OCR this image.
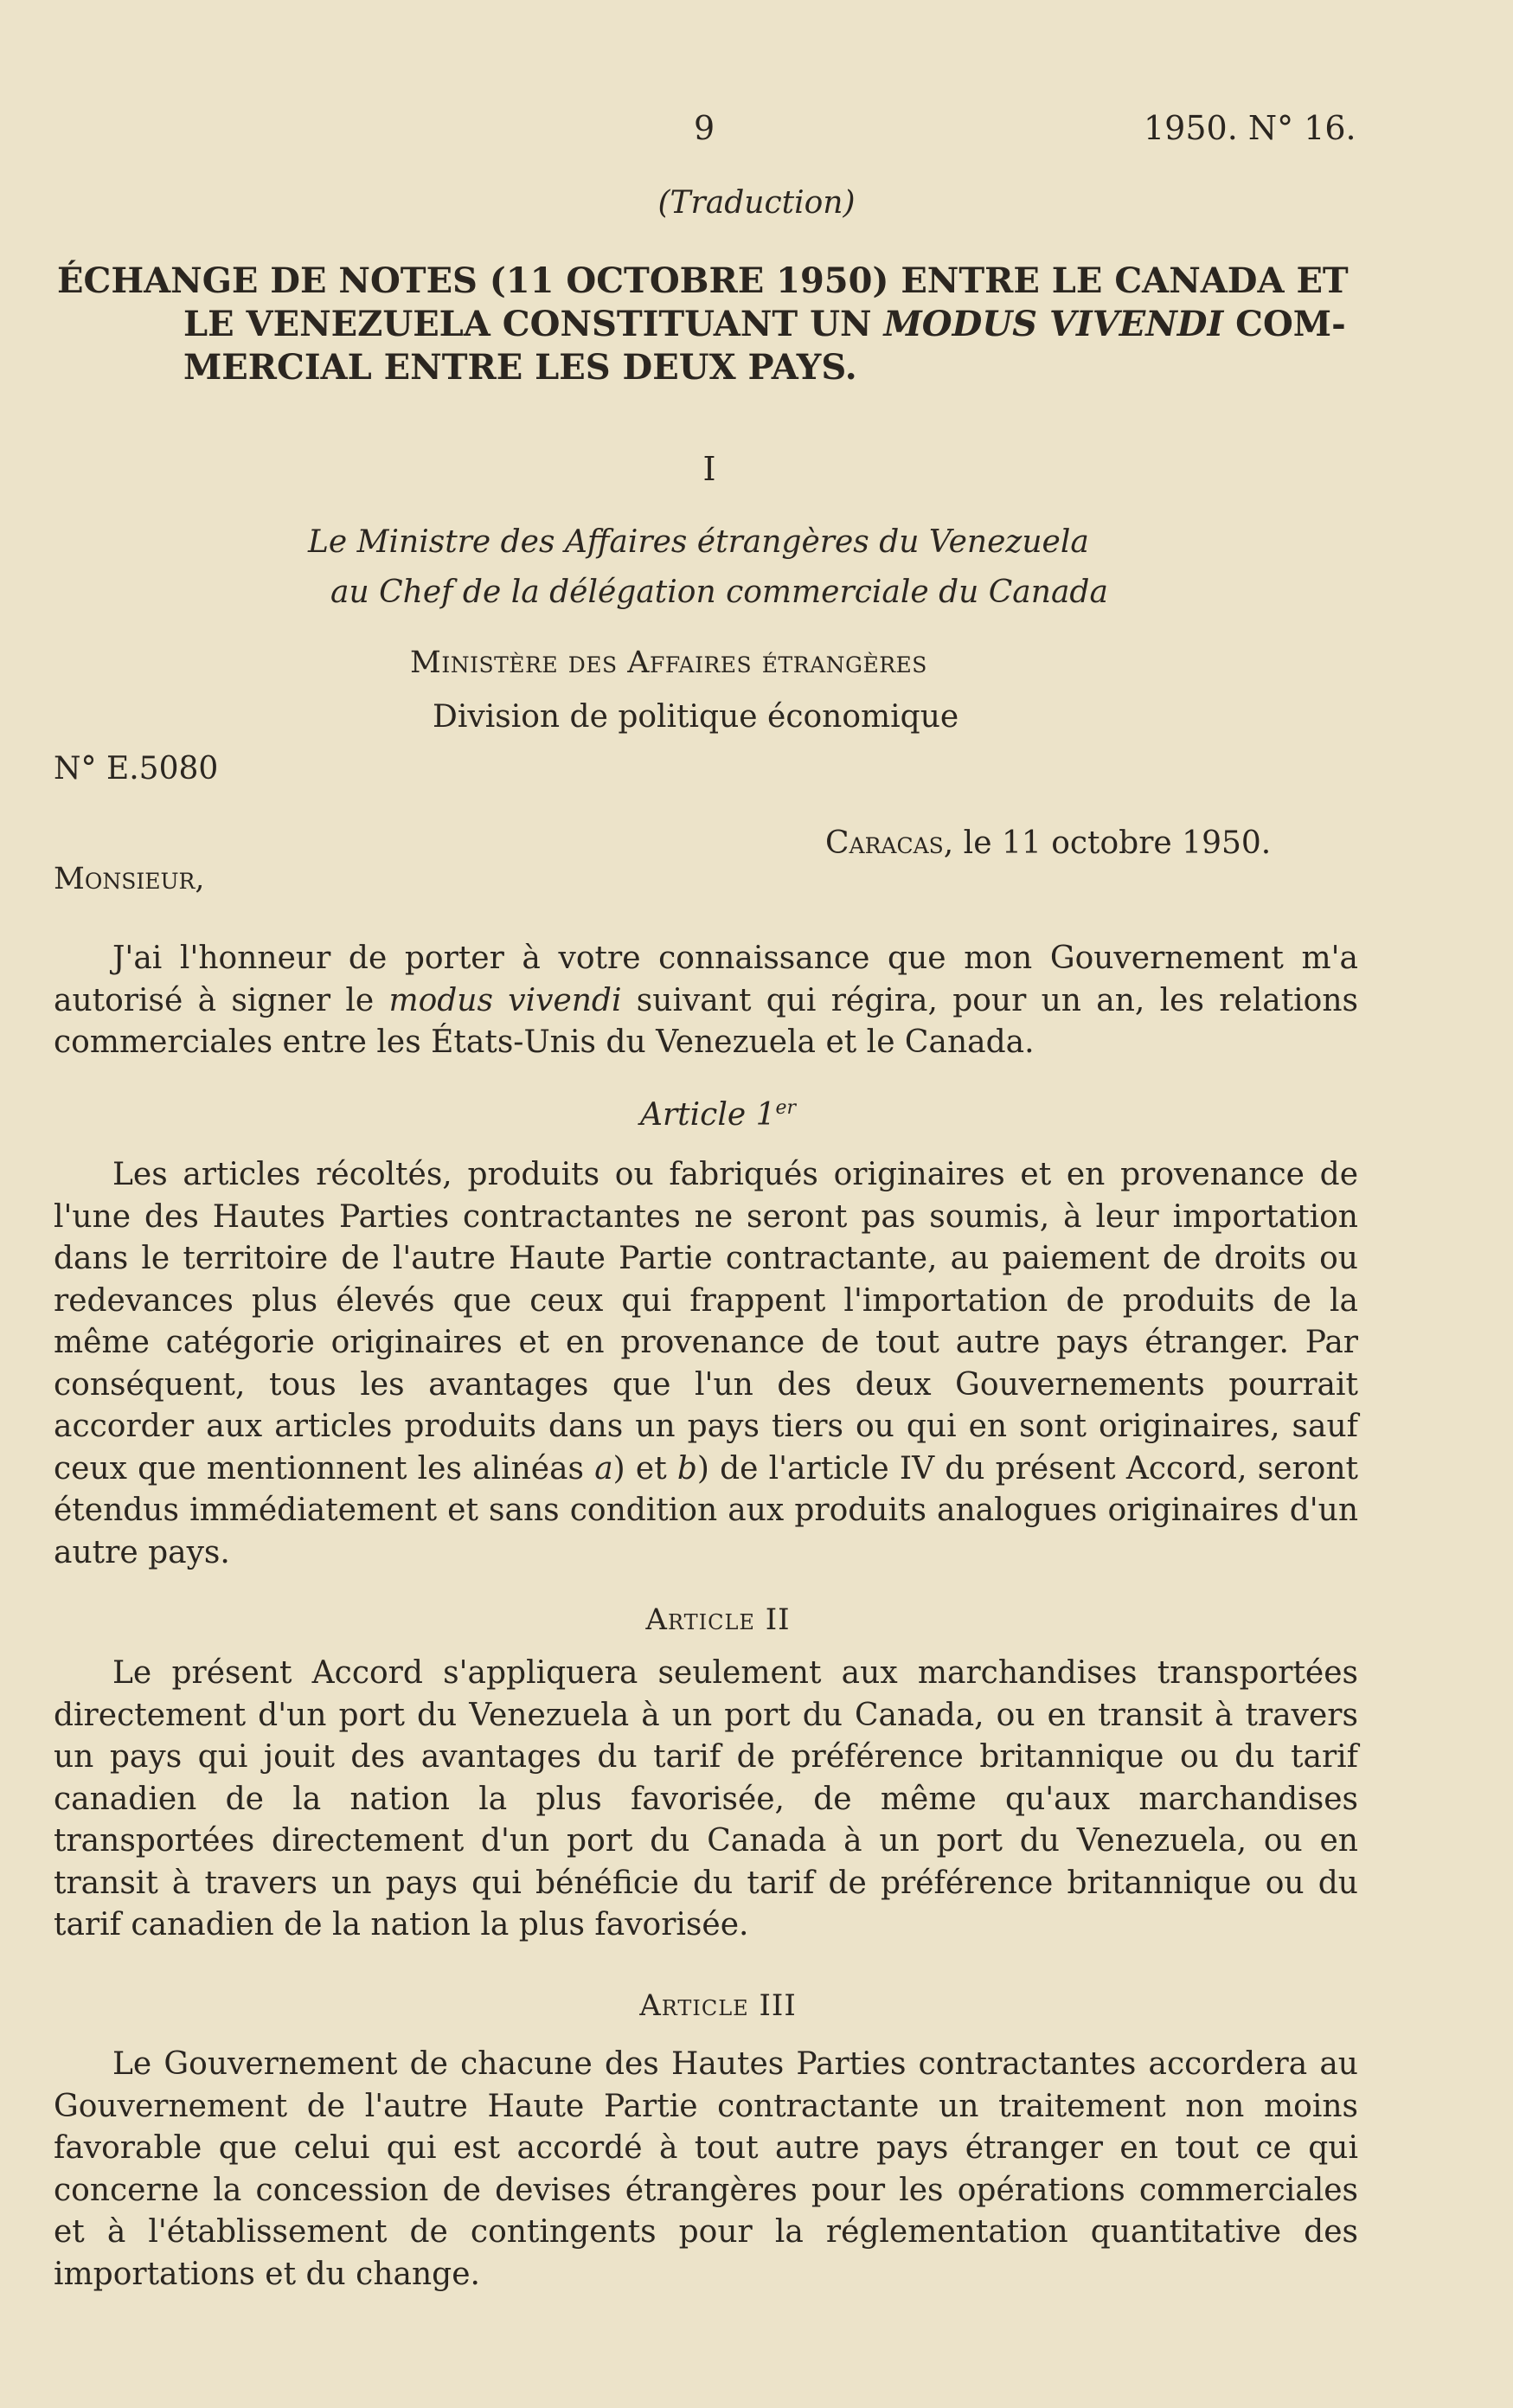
9	1950. N° 16.
(Traduction)
ÉCHANGE DE NOTES (11 OCTOBRE 1950) ENTRE LE CANADA ET
LE VENEZUELA CONSTITUANT UN MODUS VIVENDI COM-
MERCIAL ENTRE LES DEUX PAYS.
I
Le Ministre des Affaires étrangères du Venezuela
au Chef de la délégation commerciale du Canada
Ministère des Affaires étrangères
Division de politique économique
N° E.5080
Caracas, le 11 octobre 1950.
Monsieur,
J'ai l'honneur de porter à votre connaissance que mon Gouvernement m'a autorisé à signer le modus vivendi suivant qui régira, pour un an, les relations commerciales entre les États-Unis du Venezuela et le Canada.
Article 1er
Les articles récoltés, produits ou fabriqués originaires et en provenance de l'une des Hautes Parties contractantes ne seront pas soumis, à leur importation dans le territoire de l'autre Haute Partie contractante, au paiement de droits ou redevances plus élevés que ceux qui frappent l'importation de produits de la même catégorie originaires et en provenance de tout autre pays étranger. Par conséquent, tous les avantages que l'un des deux Gouvernements pourrait accorder aux articles produits dans un pays tiers ou qui en sont originaires, sauf ceux que mentionnent les alinéas a) et b) de l'article IV du présent Accord, seront étendus immédiatement et sans condition aux produits analogues originaires d'un autre pays.
Article II
Le présent Accord s'appliquera seulement aux marchandises transportées directement d'un port du Venezuela à un port du Canada, ou en transit à travers un pays qui jouit des avantages du tarif de préférence britannique ou du tarif canadien de la nation la plus favorisée, de même qu'aux marchandises transportées directement d'un port du Canada à un port du Venezuela, ou en transit à travers un pays qui bénéficie du tarif de préférence britannique ou du tarif canadien de la nation la plus favorisée.
Article III
Le Gouvernement de chacune des Hautes Parties contractantes accordera au Gouvernement de l'autre Haute Partie contractante un traitement non moins favorable que celui qui est accordé à tout autre pays étranger en tout ce qui concerne la concession de devises étrangères pour les opérations commerciales et à l'établissement de contingents pour la réglementation quantitative des importations et du change.
